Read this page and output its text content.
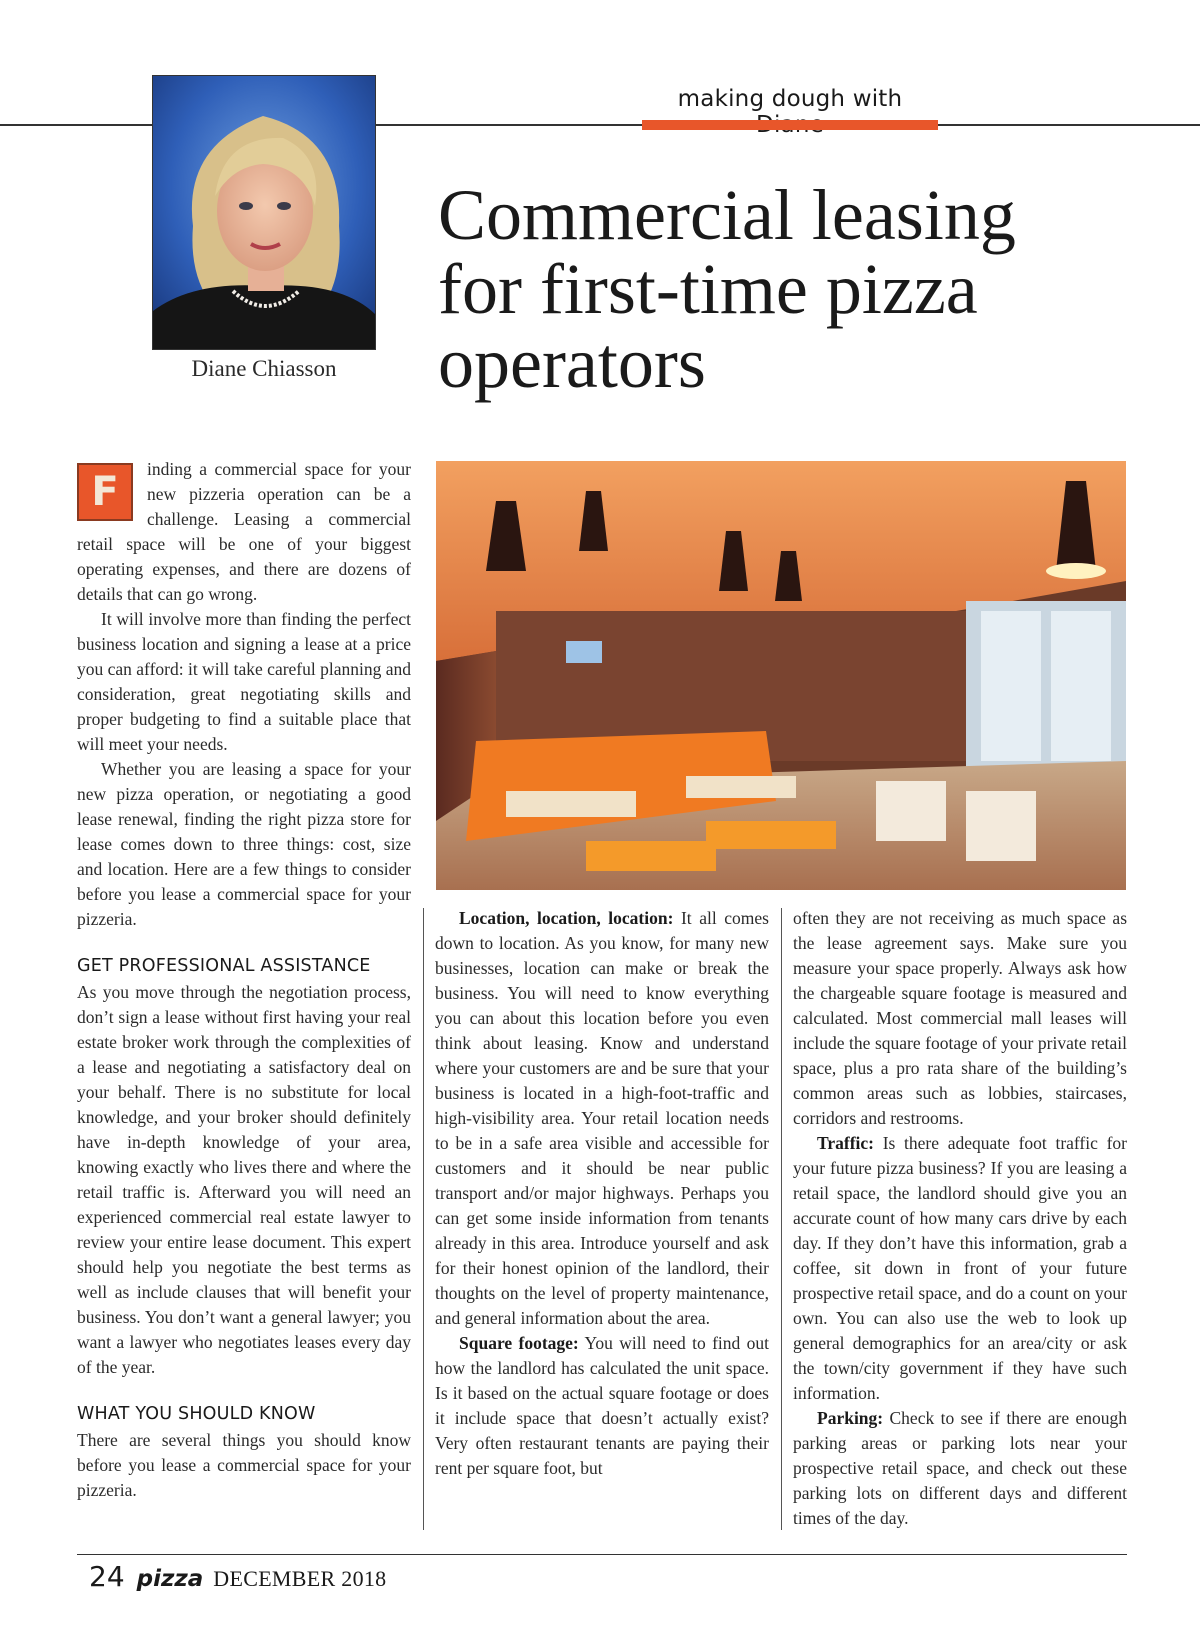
making dough with
Diane Chiasson
Commercial leasing
for first-time pizza
operators
F	inding a commercial space for your new pizzeria operation can be a challenge. Leasing a commercial retail space will be one of your biggest operating expenses, and there are dozens of details that can go wrong.

It will involve more than finding the perfect business location and signing a lease at a price you can afford: it will take careful planning and consideration, great negotiating skills and proper budgeting to find a suitable place that will meet your needs.

Whether you are leasing a space for your new pizza operation, or negotiating a good lease renewal, finding the right pizza store for lease comes down to three things: cost, size and location. Here are a few things to consider before you lease a commercial space for your pizzeria.

GET PROFESSIONAL ASSISTANCE

As you move through the negotiation process, don’t sign a lease without first having your real estate broker work through the complexities of a lease and negotiating a satisfactory deal on your behalf. There is no substitute for local knowledge, and your broker should definitely have in-depth knowledge of your area, knowing exactly who lives there and where the retail traffic is. Afterward you will need an experienced commercial real estate lawyer to review your entire lease document. This expert should help you negotiate the best terms as well as include clauses that will benefit your business. You don’t want a general lawyer; you want a lawyer who negotiates leases every day of the year.

WHAT YOU SHOULD KNOW

There are several things you should know before you lease a commercial space for your pizzeria.

Location, location, location: It all comes down to location. As you know, for many new businesses, location can make or break the business. You will need to know everything you can about this location before you even think about leasing. Know and understand where your customers are and be sure that your business is located in a high-foot-traffic and high-visibility area. Your retail location needs to be in a safe area visible and accessible for customers and it should be near public transport and/or major highways. Perhaps you can get some inside information from tenants already in this area. Introduce yourself and ask for their honest opinion of the landlord, their thoughts on the level of property maintenance, and general information about the area.

Square footage: You will need to find out how the landlord has calculated the unit space. Is it based on the actual square footage or does it include space that doesn’t actually exist? Very often restaurant tenants are paying their rent per square foot, but

often they are not receiving as much space as the lease agreement says. Make sure you measure your space properly. Always ask how the chargeable square footage is measured and calculated. Most commercial mall leases will include the square footage of your private retail space, plus a pro rata share of the building’s common areas such as lobbies, staircases, corridors and restrooms.

Traffic: Is there adequate foot traffic for your future pizza business? If you are leasing a retail space, the landlord should give you an accurate count of how many cars drive by each day. If they don’t have this information, grab a coffee, sit down in front of your future prospective retail space, and do a count on your own. You can also use the web to look up general demographics for an area/city or ask the town/city government if they have such information.

Parking: Check to see if there are enough parking areas or parking lots near your prospective retail space, and check out these parking lots on different days and different times of the day.

24 pizza DECEMBER 2018
